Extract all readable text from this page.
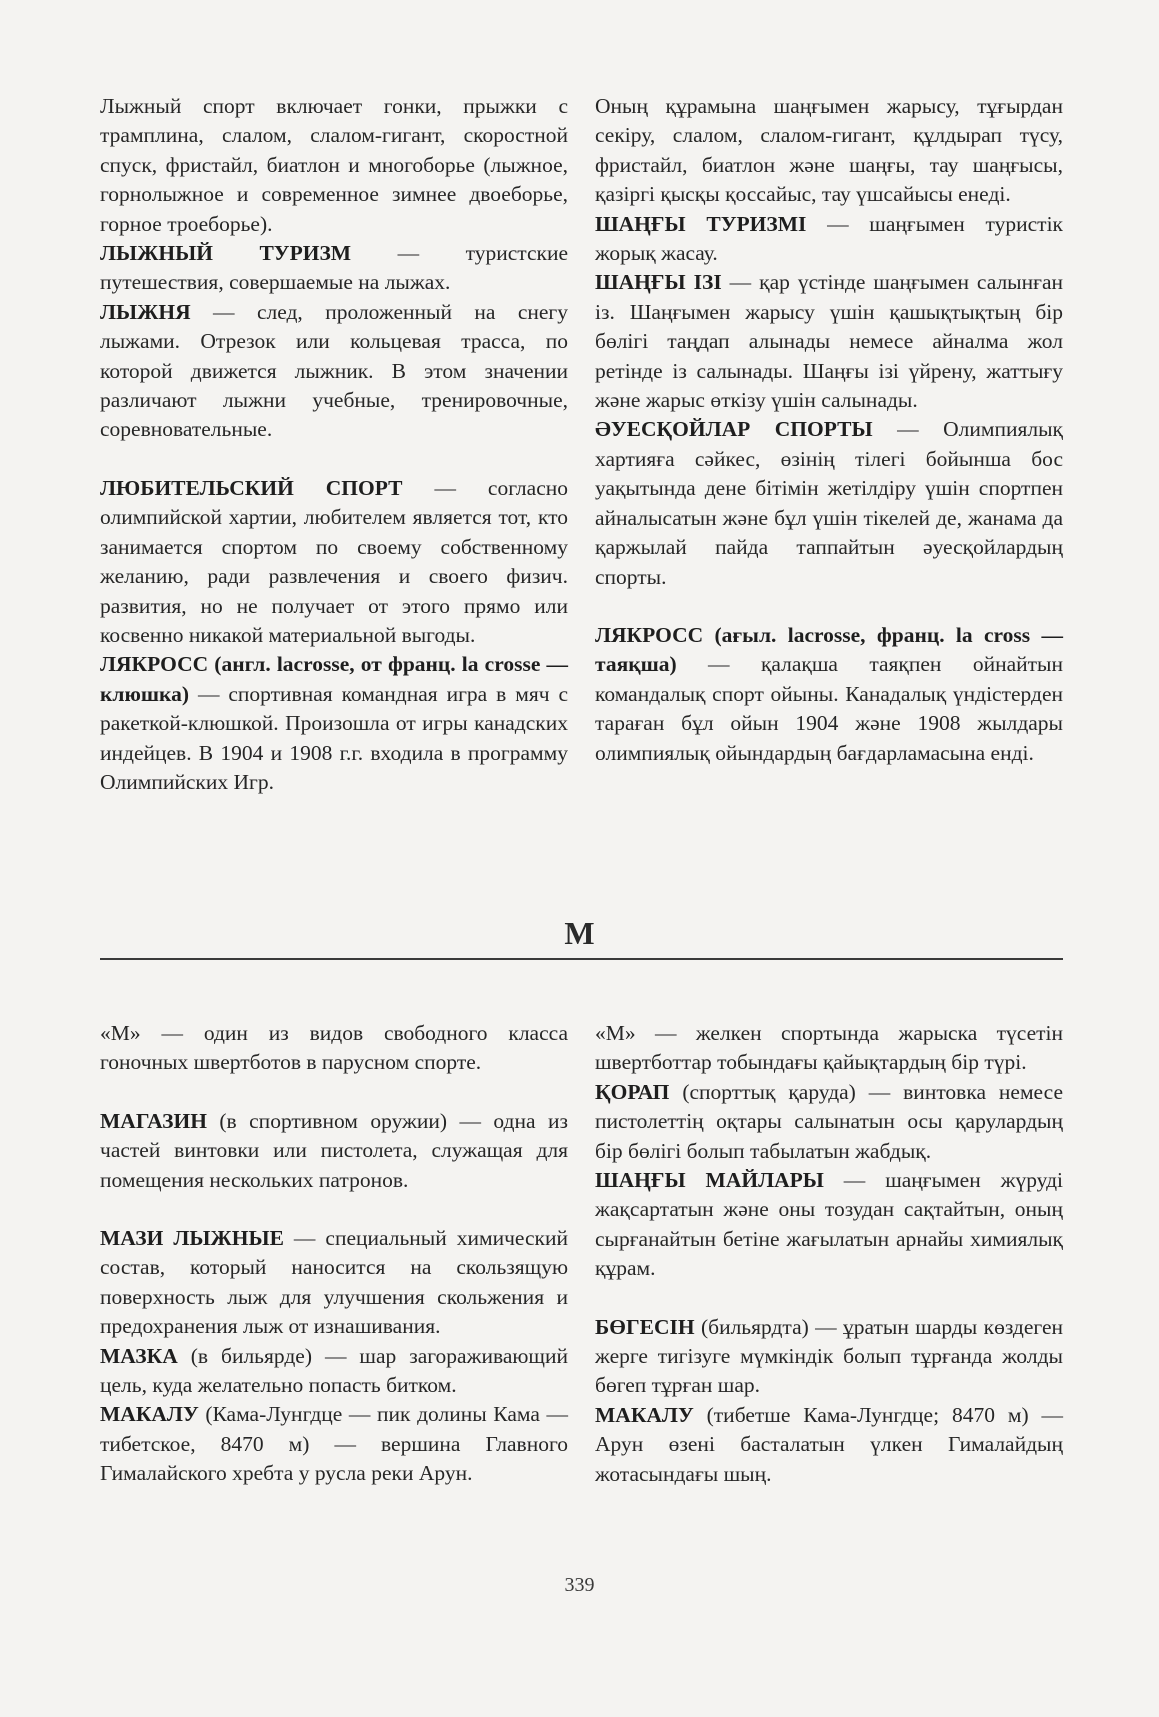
Лыжный спорт включает гонки, прыжки с трамплина, слалом, слалом-гигант, скоростной спуск, фристайл, биатлон и многоборье (лыжное, горнолыжное и современное зимнее двоеборье, горное троеборье).

ЛЫЖНЫЙ ТУРИЗМ — туристские путешествия, совершаемые на лыжах.

ЛЫЖНЯ — след, проложенный на снегу лыжами. Отрезок или кольцевая трасса, по которой движется лыжник. В этом значении различают лыжни учебные, тренировочные, соревновательные.

ЛЮБИТЕЛЬСКИЙ СПОРТ — согласно олимпийской хартии, любителем является тот, кто занимается спортом по своему собственному желанию, ради развлечения и своего физич. развития, но не получает от этого прямо или косвенно никакой материальной выгоды.

ЛЯКРОСС (англ. lacrosse, от франц. la crosse — клюшка) — спортивная командная игра в мяч с ракеткой-клюшкой. Произошла от игры канадских индейцев. В 1904 и 1908 г.г. входила в программу Олимпийских Игр.

Оның құрамына шаңғымен жарысу, тұғырдан секіру, слалом, слалом-гигант, құлдырап түсу, фристайл, биатлон және шаңғы, тау шаңғысы, қазіргі қысқы қоссайыс, тау үшсайысы енеді.

ШАҢҒЫ ТУРИЗМІ — шаңғымен туристік жорық жасау.

ШАҢҒЫ ІЗІ — қар үстінде шаңғымен салынған із. Шаңғымен жарысу үшін қашықтықтың бір бөлігі таңдап алынады немесе айналма жол ретінде із салынады. Шаңғы ізі үйрену, жаттығу және жарыс өткізу үшін салынады.

ӘУЕСҚОЙЛАР СПОРТЫ — Олимпиялық хартияға сәйкес, өзінің тілегі бойынша бос уақытында дене бітімін жетілдіру үшін спортпен айналысатын және бұл үшін тікелей де, жанама да қаржылай пайда таппайтын әуесқойлардың спорты.

ЛЯКРОСС (ағыл. lacrosse, франц. la cross — таяқша) — қалақша таяқпен ойнайтын командалық спорт ойыны. Канадалық үндістерден тараған бұл ойын 1904 және 1908 жылдары олимпиялық ойындардың бағдарламасына енді.

М

«М» — один из видов свободного класса гоночных швертботов в парусном спорте.

МАГАЗИН (в спортивном оружии) — одна из частей винтовки или пистолета, служащая для помещения нескольких патронов.

МАЗИ ЛЫЖНЫЕ — специальный химический состав, который наносится на скользящую поверхность лыж для улучшения скольжения и предохранения лыж от изнашивания.

МАЗКА (в бильярде) — шар загораживающий цель, куда желательно попасть битком.

МАКАЛУ (Кама-Лунгдце — пик долины Кама — тибетское, 8470 м) — вершина Главного Гималайского хребта у русла реки Арун.

«М» — желкен спортында жарыска түсетін швертботтар тобындағы қайықтардың бір түрі.

ҚОРАП (спорттық қаруда) — винтовка немесе пистолеттің оқтары салынатын осы қарулардың бір бөлігі болып табылатын жабдық.

ШАҢҒЫ МАЙЛАРЫ — шаңғымен жүруді жақсартатын және оны тозудан сақтайтын, оның сырғанайтын бетіне жағылатын арнайы химиялық құрам.

БӨГЕСІН (бильярдта) — ұратын шарды көздеген жерге тигізуге мүмкіндік болып тұрғанда жолды бөгеп тұрған шар.

МАКАЛУ (тибетше Кама-Лунгдце; 8470 м) — Арун өзені басталатын үлкен Гималайдың жотасындағы шың.

339
